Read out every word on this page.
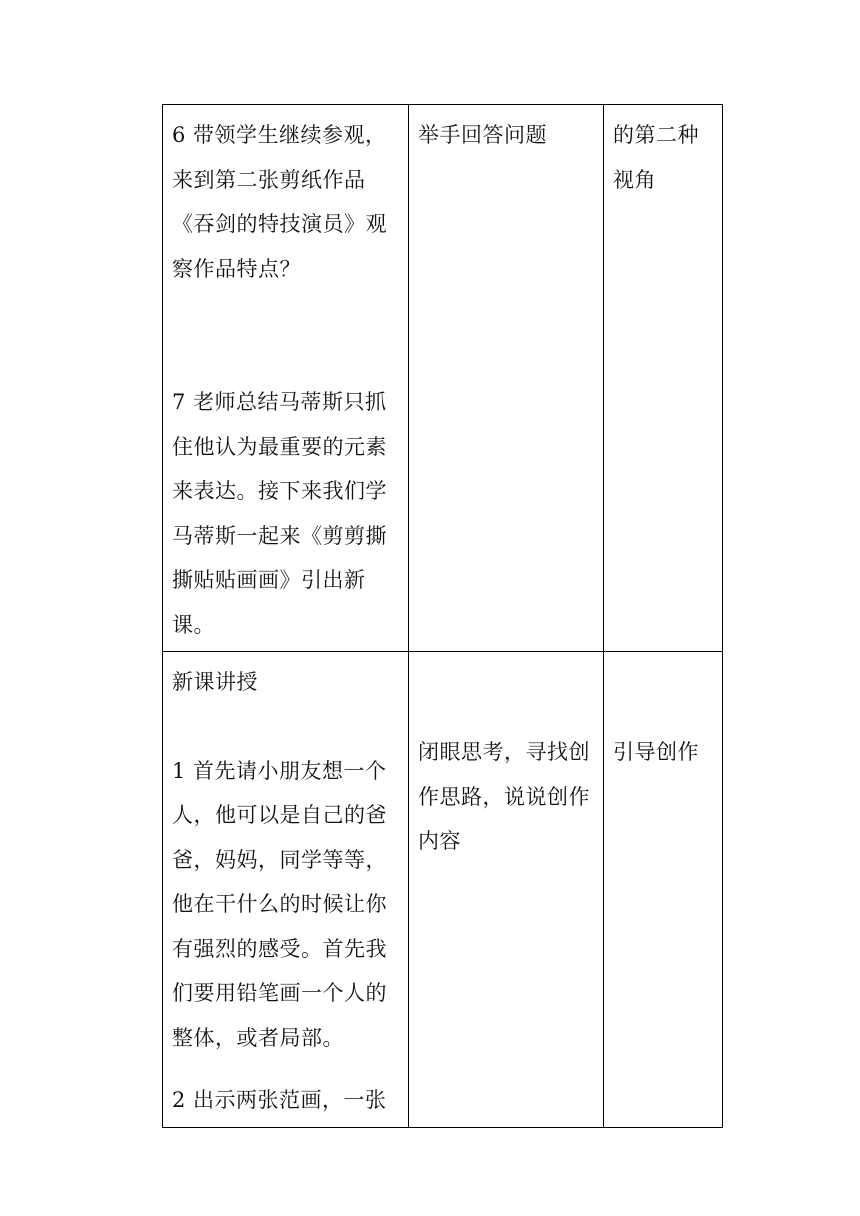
6 带领学生继续参观，来到第二张剪纸作品《吞剑的特技演员》观察作品特点？
7 老师总结马蒂斯只抓住他认为最重要的元素来表达。接下来我们学马蒂斯一起来《剪剪撕撕贴贴画画》引出新课。	举手回答问题	的第二种视角

新课讲授
1 首先请小朋友想一个人，他可以是自己的爸爸，妈妈，同学等等，他在干什么的时候让你有强烈的感受。首先我们要用铅笔画一个人的整体，或者局部。
2 出示两张范画，一张	闭眼思考，寻找创作思路，说说创作内容	引导创作
